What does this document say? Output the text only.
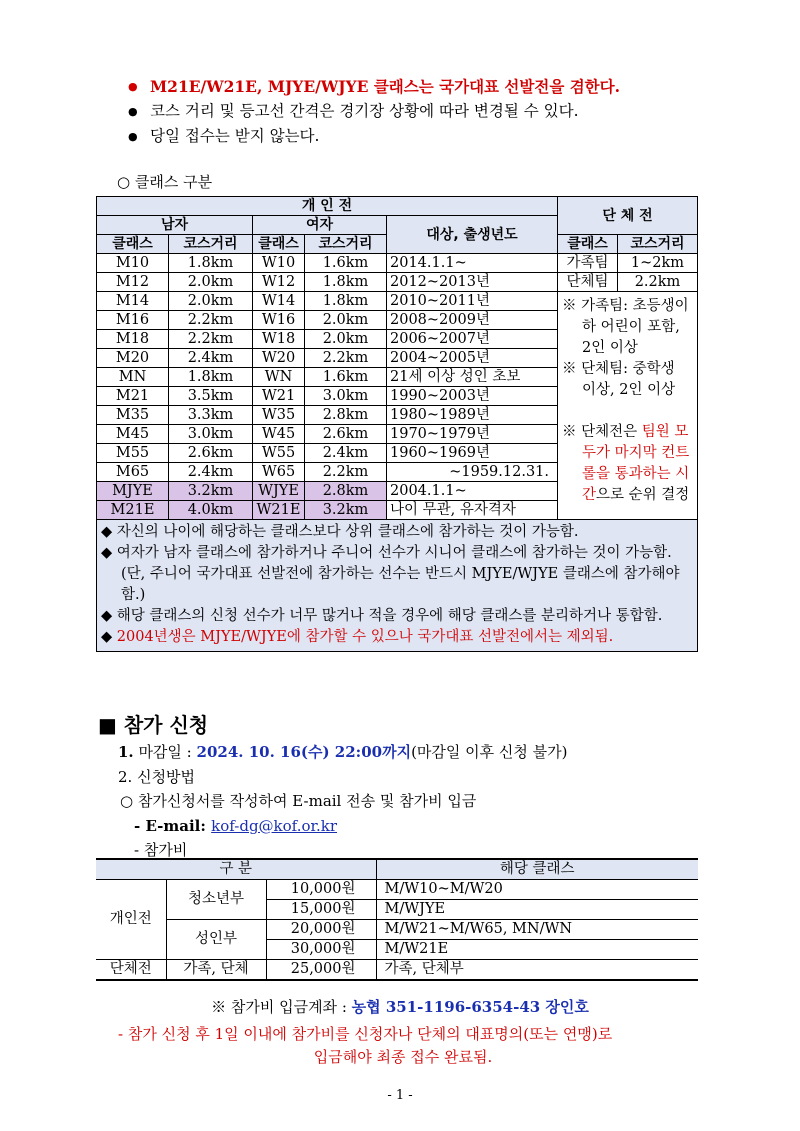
● M21E/W21E, MJYE/WJYE 클래스는 국가대표 선발전을 겸한다.
● 코스 거리 및 등고선 간격은 경기장 상황에 따라 변경될 수 있다.
● 당일 접수는 받지 않는다.
○ 클래스 구분
개 인 전					단 체 전	
남자		여자		대상, 출생년도		
클래스	코스거리	클래스	코스거리		클래스	코스거리
M10	1.8km	W10	1.6km	2014.1.1~	가족팀	1~2km
M12	2.0km	W12	1.8km	2012~2013년	단체팀	2.2km
M14	2.0km	W14	1.8km	2010~2011년	※ 가족팀: 초등생이하 어린이 포함, 2인 이상

※ 단체팀: 중학생 이상, 2인 이상

※ 단체전은 팀원 모두가 마지막 컨트롤을 통과하는 시간으로 순위 결정	

M16	2.2km	W16	2.0km	2008~2009년		
M18	2.2km	W18	2.0km	2006~2007년		
M20	2.4km	W20	2.2km	2004~2005년		
MN	1.8km	WN	1.6km	21세 이상 성인 초보		
M21	3.5km	W21	3.0km	1990~2003년		
M35	3.3km	W35	2.8km	1980~1989년		
M45	3.0km	W45	2.6km	1970~1979년		
M55	2.6km	W55	2.4km	1960~1969년		
M65	2.4km	W65	2.2km	~1959.12.31.		
MJYE	3.2km	WJYE	2.8km	2004.1.1~		
M21E	4.0km	W21E	3.2km	나이 무관, 유자격자		

◆ 자신의 나이에 해당하는 클래스보다 상위 클래스에 참가하는 것이 가능함.

◆ 여자가 남자 클래스에 참가하거나 주니어 선수가 시니어 클래스에 참가하는 것이 가능함.(단, 주니어 국가대표 선발전에 참가하는 선수는 반드시 MJYE/WJYE 클래스에 참가해야 함.)

◆ 해당 클래스의 신청 선수가 너무 많거나 적을 경우에 해당 클래스를 분리하거나 통합함.

◆ 2004년생은 MJYE/WJYE에 참가할 수 있으나 국가대표 선발전에서는 제외됨.						

■ 참가 신청
1. 마감일 : 2024. 10. 16(수) 22:00까지(마감일 이후 신청 불가)
2. 신청방법
○ 참가신청서를 작성하여 E-mail 전송 및 참가비 입금
- E-mail: kof-dg@kof.or.kr
- 참가비
구 분			해당 클래스
개인전	청소년부	10,000원	M/W10~M/W20
		15,000원	M/WJYE
	성인부	20,000원	M/W21~M/W65, MN/WN
		30,000원	M/W21E
단체전	가족, 단체	25,000원	가족, 단체부
※ 참가비 입금계좌 : 농협 351-1196-6354-43 장인호
- 참가 신청 후 1일 이내에 참가비를 신청자나 단체의 대표명의(또는 연맹)로
입금해야 최종 접수 완료됨.
- 1 -
